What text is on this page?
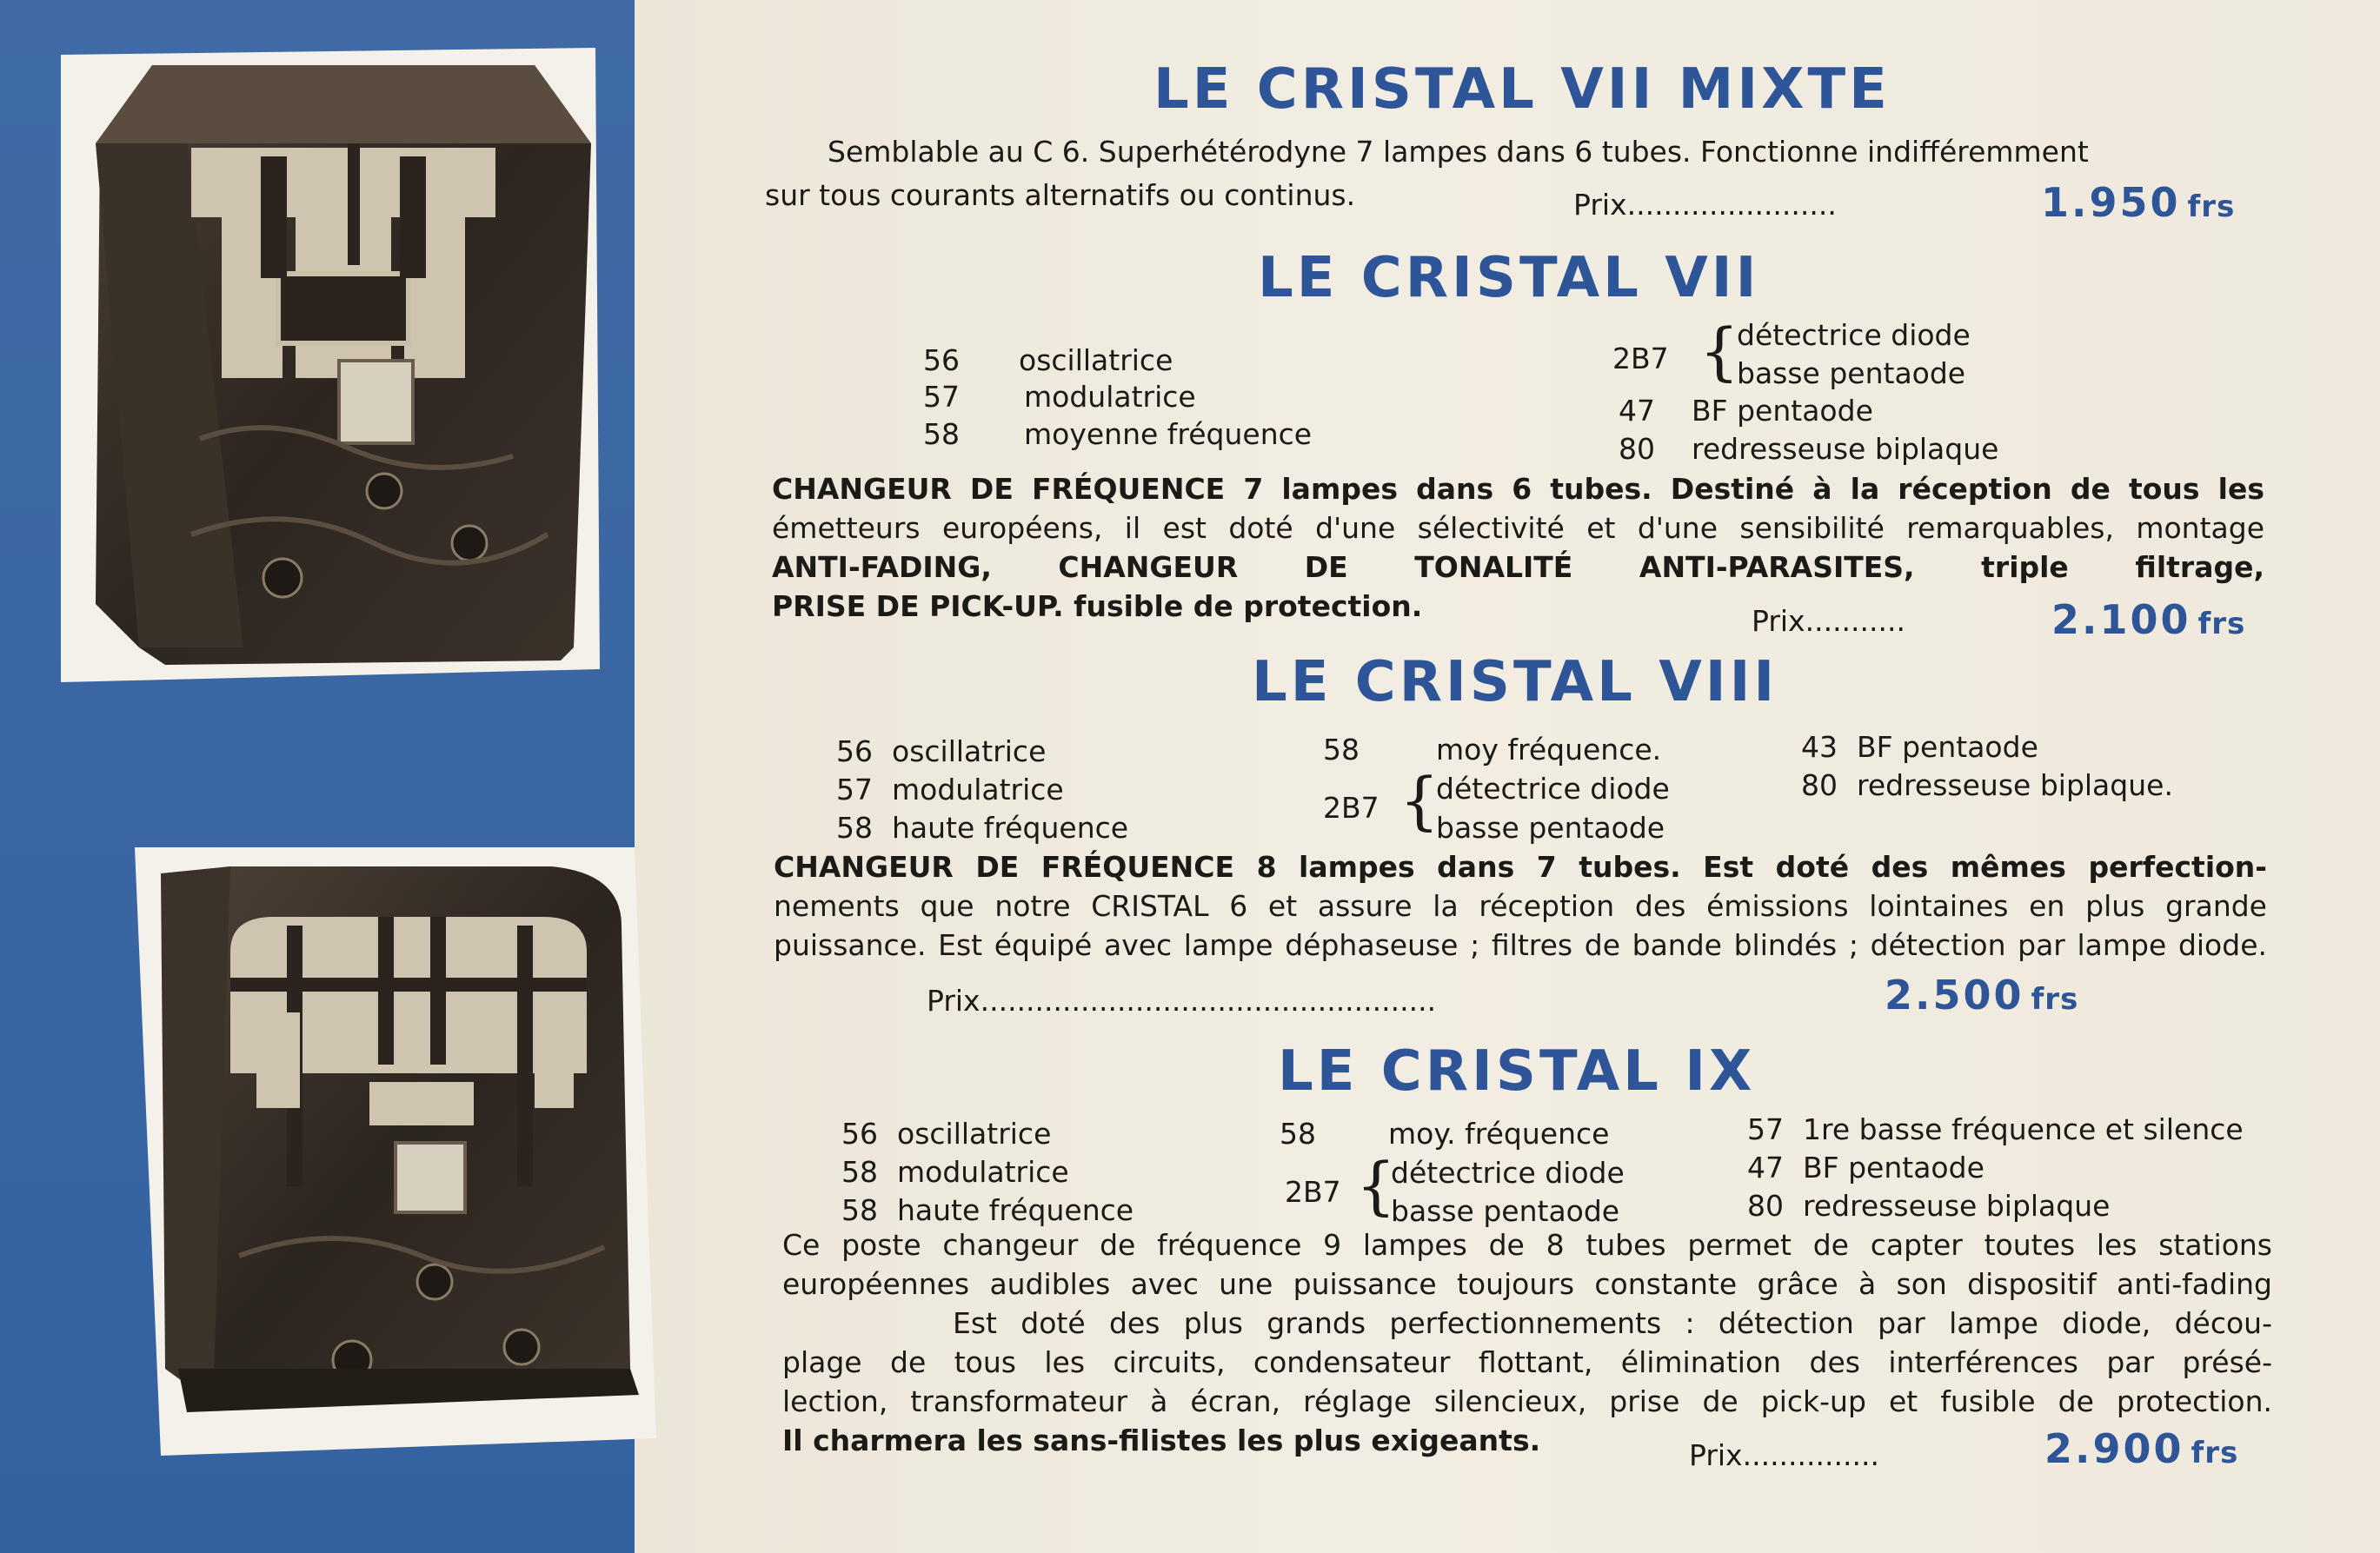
LE CRISTAL VII MIXTE
Semblable au C 6. Superhétérodyne 7 lampes dans 6 tubes. Fonctionne indifféremment
sur tous courants alternatifs ou continus.	Prix.......................	1.950 frs
LE CRISTAL VII
56 oscillatrice
57 modulatrice
58 moyenne fréquence
2B7 {
détectrice diode
basse pentaode
47 BF pentaode
80 redresseuse biplaque
CHANGEUR DE FRÉQUENCE 7 lampes dans 6 tubes. Destiné à la réception de tous les
émetteurs européens, il est doté d'une sélectivité et d'une sensibilité remarquables, montage
ANTI-FADING, CHANGEUR DE TONALITÉ ANTI-PARASITES, triple filtrage,
PRISE DE PICK-UP. fusible de protection.	Prix...........	2.100 frs
LE CRISTAL VIII
56 oscillatrice
57 modulatrice
58 haute fréquence
58	moy fréquence.
2B7 {
détectrice diode
basse pentaode
43 BF pentaode
80 redresseuse biplaque.
CHANGEUR DE FRÉQUENCE 8 lampes dans 7 tubes. Est doté des mêmes perfection-
nements que notre CRISTAL 6 et assure la réception des émissions lointaines en plus grande
puissance. Est équipé avec lampe déphaseuse ; filtres de bande blindés ; détection par lampe diode.
Prix..................................................	2.500 frs
LE CRISTAL IX
56 oscillatrice
58 modulatrice
58 haute fréquence
58	moy. fréquence
2B7 {
détectrice diode
basse pentaode
57 1re basse fréquence et silence
47 BF pentaode
80 redresseuse biplaque
Ce poste changeur de fréquence 9 lampes de 8 tubes permet de capter toutes les stations
européennes audibles avec une puissance toujours constante grâce à son dispositif anti-fading
Est doté des plus grands perfectionnements : détection par lampe diode, décou-
plage de tous les circuits, condensateur flottant, élimination des interférences par présé-
lection, transformateur à écran, réglage silencieux, prise de pick-up et fusible de protection.
Il charmera les sans-filistes les plus exigeants.	Prix...............	2.900 frs
